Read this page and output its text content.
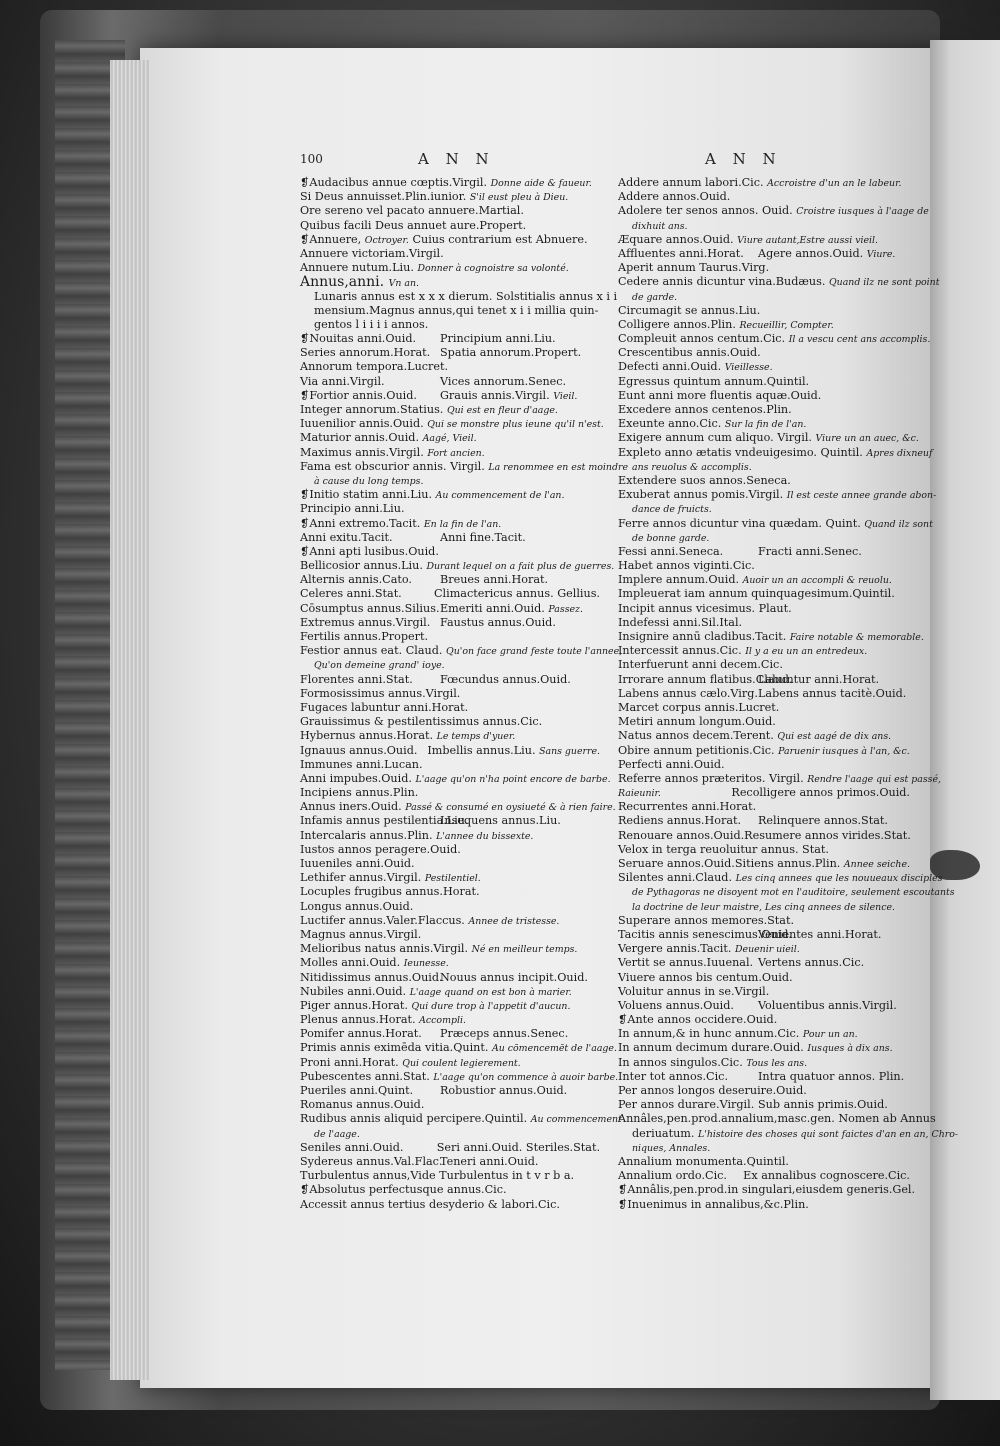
100	A N N	A N N
❡Audacibus annue cœptis.Virgil. Donne aide & faueur.
Si Deus annuisset.Plin.iunior. S'il eust pleu à Dieu.
Ore sereno vel pacato annuere.Martial.
Quibus facili Deus annuet aure.Propert.
❡Annuere, Octroyer. Cuius contrarium est Abnuere.
Annuere victoriam.Virgil.
Annuere nutum.Liu. Donner à cognoistre sa volonté.
Annus,anni. Vn an.
Lunaris annus est x x x dierum. Solstitialis annus x i i
mensium.Magnus annus,qui tenet x i i millia quin-
gentos l i i i i annos.
❡Nouitas anni.Ouid.	Principium anni.Liu.
Series annorum.Horat. Spatia annorum.Propert.
Annorum tempora.Lucret.
Via anni.Virgil.	Vices annorum.Senec.
❡Fortior annis.Ouid.	Grauis annis.Virgil. Vieil.
Integer annorum.Statius. Qui est en fleur d'aage.
Iuuenilior annis.Ouid. Qui se monstre plus ieune qu'il n'est.
Maturior annis.Ouid. Aagé, Vieil.
Maximus annis.Virgil. Fort ancien.
Fama est obscurior annis. Virgil. La renommee en est moindre
à cause du long temps.
❡Initio statim anni.Liu. Au commencement de l'an.
Principio anni.Liu.
❡Anni extremo.Tacit. En la fin de l'an.
Anni exitu.Tacit.	Anni fine.Tacit.
❡Anni apti lusibus.Ouid.
Bellicosior annus.Liu. Durant lequel on a fait plus de guerres.
Alternis annis.Cato.	Breues anni.Horat.
Celeres anni.Stat.	Climactericus annus. Gellius.
Cōsumptus annus.Silius. Emeriti anni.Ouid. Passez.
Extremus annus.Virgil. Faustus annus.Ouid.
Fertilis annus.Propert.
Festior annus eat. Claud. Qu'on face grand feste toute l'annee,
Qu'on demeine grand' ioye.
Florentes anni.Stat.	Fœcundus annus.Ouid.
Formosissimus annus.Virgil.
Fugaces labuntur anni.Horat.
Grauissimus & pestilentissimus annus.Cic.
Hybernus annus.Horat. Le temps d'yuer.
Ignauus annus.Ouid. Imbellis annus.Liu. Sans guerre.
Immunes anni.Lucan.
Anni impubes.Ouid. L'aage qu'on n'ha point encore de barbe.
Incipiens annus.Plin.
Annus iners.Ouid. Passé & consumé en oysiueté & à rien faire.
Infamis annus pestilentia.Liu.
Insequens annus.Liu.
Intercalaris annus.Plin. L'annee du bissexte.
Iustos annos peragere.Ouid.
Iuueniles anni.Ouid.
Lethifer annus.Virgil. Pestilentiel.
Locuples frugibus annus.Horat.
Longus annus.Ouid.
Luctifer annus.Valer.Flaccus. Annee de tristesse.
Magnus annus.Virgil.
Melioribus natus annis.Virgil. Né en meilleur temps.
Molles anni.Ouid. Ieunesse.
Nitidissimus annus.Ouid.
Nouus annus incipit.Ouid.
Nubiles anni.Ouid. L'aage quand on est bon à marier.
Piger annus.Horat. Qui dure trop à l'appetit d'aucun.
Plenus annus.Horat. Accompli.
Pomifer annus.Horat.	Præceps annus.Senec.
Primis annis eximēda vitia.Quint. Au cōmencemēt de l'aage.
Proni anni.Horat. Qui coulent legierement.
Pubescentes anni.Stat. L'aage qu'on commence à auoir barbe.
Pueriles anni.Quint.	Robustior annus.Ouid.
Romanus annus.Ouid.
Rudibus annis aliquid percipere.Quintil. Au commencement
de l'aage.
Seniles anni.Ouid.	Seri anni.Ouid. Steriles.Stat.
Sydereus annus.Val.Flac.
Teneri anni.Ouid.
Turbulentus annus,Vide Turbulentus in t v r b a.
❡Absolutus perfectusque annus.Cic.
Accessit annus tertius desyderio & labori.Cic.
Addere annum labori.Cic. Accroistre d'un an le labeur.
Addere annos.Ouid.
Adolere ter senos annos. Ouid. Croistre iusques à l'aage de
dixhuit ans.
Æquare annos.Ouid. Viure autant,Estre aussi vieil.
Affluentes anni.Horat.	Agere annos.Ouid. Viure.
Aperit annum Taurus.Virg.
Cedere annis dicuntur vina.Budæus. Quand ilz ne sont point
de garde.
Circumagit se annus.Liu.
Colligere annos.Plin. Recueillir, Compter.
Compleuit annos centum.Cic. Il a vescu cent ans accomplis.
Crescentibus annis.Ouid.
Defecti anni.Ouid. Vieillesse.
Egressus quintum annum.Quintil.
Eunt anni more fluentis aquæ.Ouid.
Excedere annos centenos.Plin.
Exeunte anno.Cic. Sur la fin de l'an.
Exigere annum cum aliquo. Virgil. Viure un an auec, &c.
Expleto anno ætatis vndeuigesimo. Quintil. Apres dixneuf
ans reuolus & accomplis.
Extendere suos annos.Seneca.
Exuberat annus pomis.Virgil. Il est ceste annee grande abon-
dance de fruicts.
Ferre annos dicuntur vina quædam. Quint. Quand ilz sont
de bonne garde.
Fessi anni.Seneca.	Fracti anni.Senec.
Habet annos viginti.Cic.
Implere annum.Ouid. Auoir un an accompli & reuolu.
Impleuerat iam annum quinquagesimum.Quintil.
Incipit annus vicesimus. Plaut.
Indefessi anni.Sil.Ital.
Insignire annū cladibus.Tacit. Faire notable & memorable.
Intercessit annus.Cic. Il y a eu un an entredeux.
Interfuerunt anni decem.Cic.
Irrorare annum flatibus.Claud.
Labuntur anni.Horat.
Labens annus cælo.Virg. Labens annus tacitè.Ouid.
Marcet corpus annis.Lucret.
Metiri annum longum.Ouid.
Natus annos decem.Terent. Qui est aagé de dix ans.
Obire annum petitionis.Cic. Paruenir iusques à l'an, &c.
Perfecti anni.Ouid.
Referre annos præteritos. Virgil. Rendre l'aage qui est passé,
Raieunir.	Recolligere annos primos.Ouid.
Recurrentes anni.Horat.
Rediens annus.Horat.	Relinquere annos.Stat.
Renouare annos.Ouid. Resumere annos virides.Stat.
Velox in terga reuoluitur annus. Stat.
Seruare annos.Ouid. Sitiens annus.Plin. Annee seiche.
Silentes anni.Claud. Les cinq annees que les nouueaux disciples
de Pythagoras ne disoyent mot en l'auditoire, seulement escoutants
la doctrine de leur maistre, Les cinq annees de silence.
Superare annos memores.Stat.
Tacitis annis senescimus.Ouid.
Venientes anni.Horat.
Vergere annis.Tacit. Deuenir uieil.
Vertit se annus.Iuuenal. Vertens annus.Cic.
Viuere annos bis centum.Ouid.
Voluitur annus in se.Virgil.
Voluens annus.Ouid.	Voluentibus annis.Virgil.
❡Ante annos occidere.Ouid.
In annum,& in hunc annum.Cic. Pour un an.
In annum decimum durare.Ouid. Iusques à dix ans.
In annos singulos.Cic. Tous les ans.
Inter tot annos.Cic.	Intra quatuor annos. Plin.
Per annos longos deseruire.Ouid.
Per annos durare.Virgil. Sub annis primis.Ouid.
Annâles,pen.prod.annalium,masc.gen. Nomen ab Annus
deriuatum. L'histoire des choses qui sont faictes d'an en an, Chro-
niques, Annales.
Annalium monumenta.Quintil.
Annalium ordo.Cic.	Ex annalibus cognoscere.Cic.
❡Annâlis,pen.prod.in singulari,eiusdem generis.Gel.
❡Inuenimus in annalibus,&c.Plin.
